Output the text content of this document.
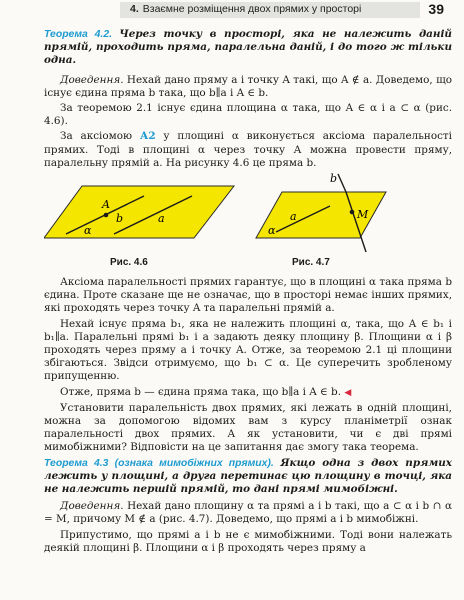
4. Взаємне розміщення двох прямих у просторі	39

Теорема 4.2. Через точку в просторі, яка не належить даній прямій, проходить пряма, паралельна даній, і до того ж тільки одна.

Доведення. Нехай дано пряму a і точку A такі, що A ∉ a. Доведемо, що існує єдина пряма b така, що b∥a і A ∈ b.

За теоремою 2.1 існує єдина площина α така, що A ∈ α і a ⊂ α (рис. 4.6).

За аксіомою А2 у площині α виконується аксіома паралельності прямих. Тоді в площині α через точку A можна провести пряму, паралельну прямій a. На рисунку 4.6 це пряма b.

A
b	a
α
b
a	M
α
Рис. 4.6	Рис. 4.7

Аксіома паралельності прямих гарантує, що в площині α така пряма b єдина. Проте сказане ще не означає, що в просторі немає інших прямих, які проходять через точку A та паралельні прямій a.

Нехай існує пряма b₁, яка не належить площині α, така, що A ∈ b₁ і b₁∥a. Паралельні прямі b₁ і a задають деяку площину β. Площини α і β проходять через пряму a і точку A. Отже, за теоремою 2.1 ці площини збігаються. Звідси отримуємо, що b₁ ⊂ α. Це суперечить зробленому припущенню.

Отже, пряма b — єдина пряма така, що b∥a і A ∈ b. ◀

Установити паралельність двох прямих, які лежать в одній площині, можна за допомогою відомих вам з курсу планіметрії ознак паралельності двох прямих. А як установити, чи є дві прямі мимобіжними? Відповісти на це запитання дає змогу така теорема.

Теорема 4.3 (ознака мимобіжних прямих). Якщо одна з двох прямих лежить у площині, а друга перетинає цю площину в точці, яка не належить першій прямій, то дані прямі мимобіжні.

Доведення. Нехай дано площину α та прямі a і b такі, що a ⊂ α і b ∩ α = M, причому M ∉ a (рис. 4.7). Доведемо, що прямі a і b мимобіжні.

Припустимо, що прямі a і b не є мимобіжними. Тоді вони належать деякій площині β. Площини α і β проходять через пряму a
